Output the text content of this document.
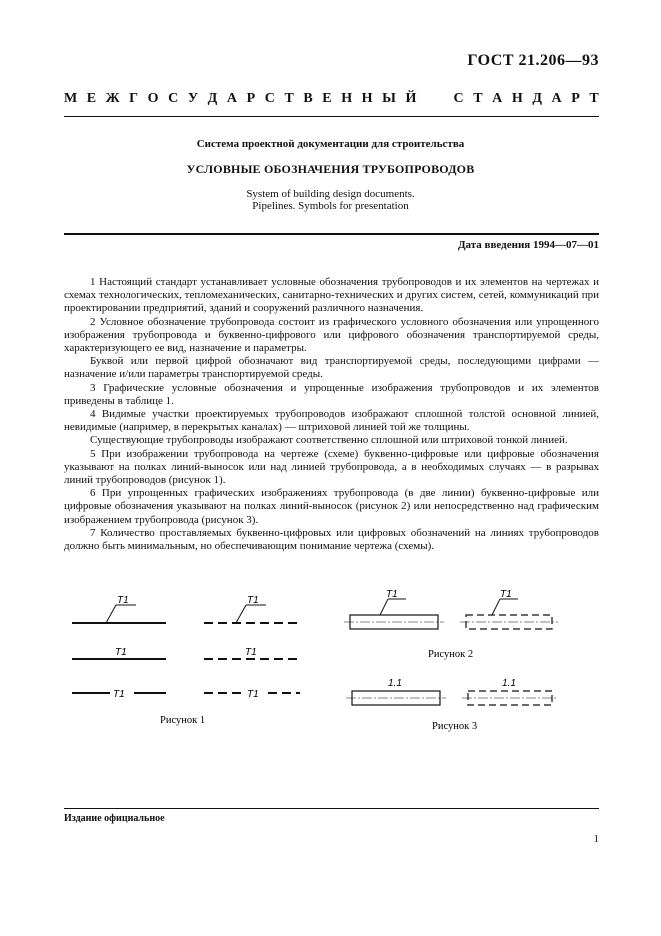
ГОСТ 21.206—93
М Е Ж Г О С У Д А Р С Т В Е Н Н Ы Й	С Т А Н Д А Р Т
Система проектной документации для строительства
УСЛОВНЫЕ ОБОЗНАЧЕНИЯ ТРУБОПРОВОДОВ
System of building design documents.
Pipelines. Symbols for presentation
Дата введения 1994—07—01

1 Настоящий стандарт устанавливает условные обозначения трубопроводов и их элементов на чертежах и схемах технологических, тепломеханических, санитарно-технических и других систем, сетей, коммуникаций при проектировании предприятий, зданий и сооружений различного назначения.

2 Условное обозначение трубопровода состоит из графического условного обозначения или упрощенного изображения трубопровода и буквенно-цифрового или цифрового обозначения транспортируемой среды, характеризующего ее вид, назначение и параметры.

Буквой или первой цифрой обозначают вид транспортируемой среды, последующими цифрами — назначение и/или параметры транспортируемой среды.

3 Графические условные обозначения и упрощенные изображения трубопроводов и их элементов приведены в таблице 1.

4 Видимые участки проектируемых трубопроводов изображают сплошной толстой основной линией, невидимые (например, в перекрытых каналах) — штриховой линией той же толщины.

Существующие трубопроводы изображают соответственно сплошной или штриховой тонкой линией.

5 При изображении трубопровода на чертеже (схеме) буквенно-цифровые или цифровые обозначения указывают на полках линий-выносок или над линией трубопровода, а в необходимых случаях — в разрывах линий трубопроводов (рисунок 1).

6 При упрощенных графических изображениях трубопровода (в две линии) буквенно-цифровые или цифровые обозначения указывают на полках линий-выносок (рисунок 2) или непосредственно над графическим изображением трубопровода (рисунок 3).

7 Количество проставляемых буквенно-цифровых или цифровых обозначений на линиях трубопроводов должно быть минимальным, но обеспечивающим понимание чертежа (схемы).

Т1	Т1
Т1	Т1
Т1	Т1
Рисунок 1
Т1	Т1
Рисунок 2
1.1	1.1
Рисунок 3
Издание официальное
1
